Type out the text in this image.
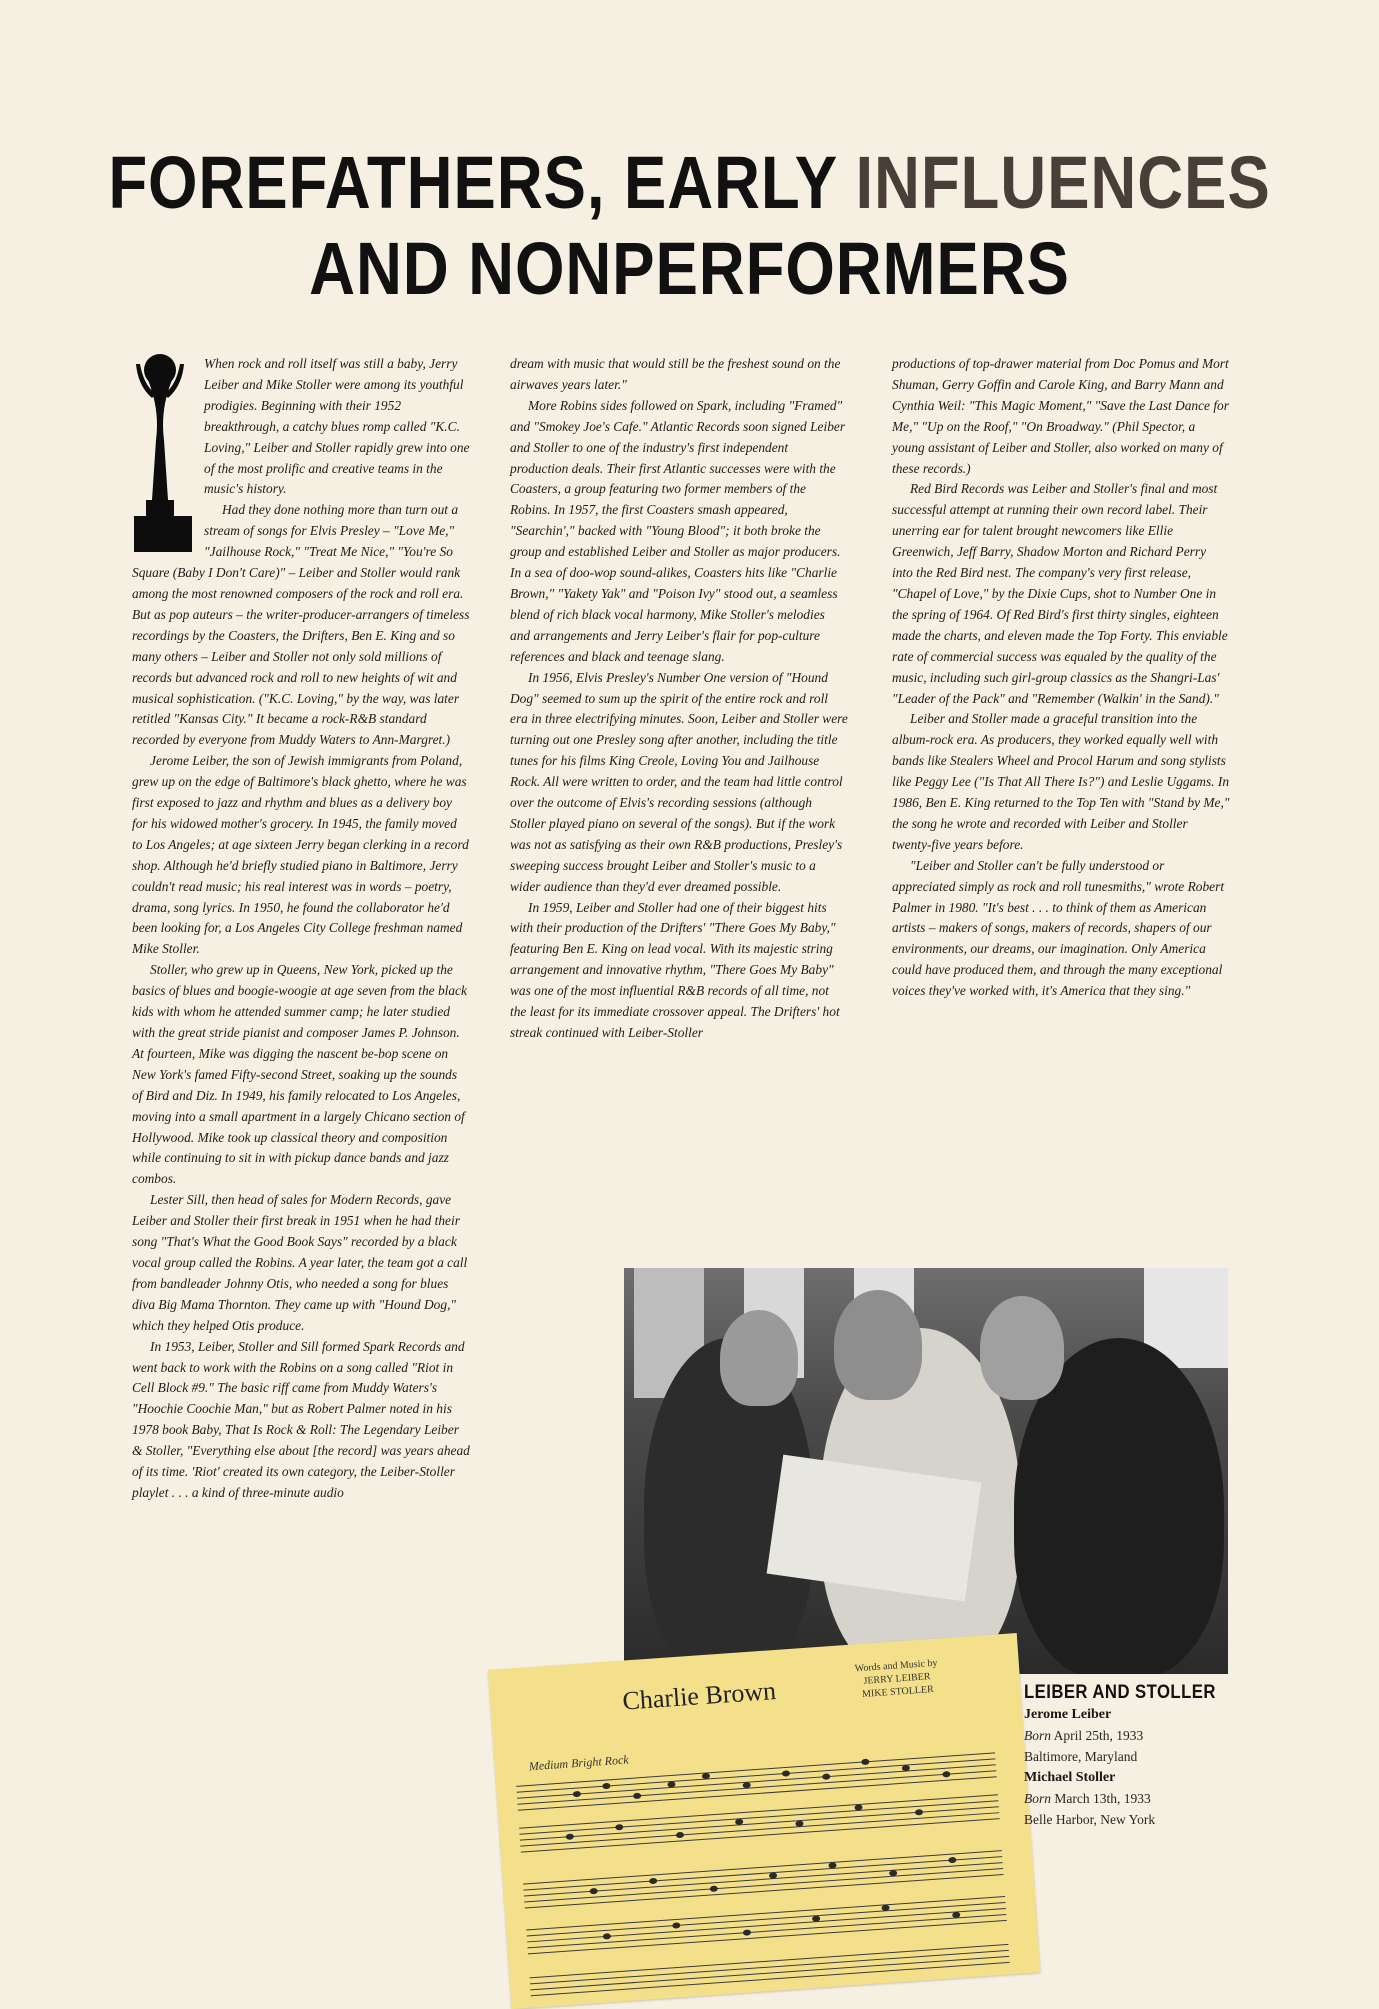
FOREFATHERS, EARLY INFLUENCES
AND NONPERFORMERS

When rock and roll itself was still a baby, Jerry Leiber and Mike Stoller were among its youthful prodigies. Beginning with their 1952 breakthrough, a catchy blues romp called "K.C. Loving," Leiber and Stoller rapidly grew into one of the most prolific and creative teams in the music's history.

Had they done nothing more than turn out a stream of songs for Elvis Presley – "Love Me," "Jailhouse Rock," "Treat Me Nice," "You're So Square (Baby I Don't Care)" – Leiber and Stoller would rank among the most renowned composers of the rock and roll era. But as pop auteurs – the writer-producer-arrangers of timeless recordings by the Coasters, the Drifters, Ben E. King and so many others – Leiber and Stoller not only sold millions of records but advanced rock and roll to new heights of wit and musical sophistication. ("K.C. Loving," by the way, was later retitled "Kansas City." It became a rock-R&B standard recorded by everyone from Muddy Waters to Ann-Margret.)

Jerome Leiber, the son of Jewish immigrants from Poland, grew up on the edge of Baltimore's black ghetto, where he was first exposed to jazz and rhythm and blues as a delivery boy for his widowed mother's grocery. In 1945, the family moved to Los Angeles; at age sixteen Jerry began clerking in a record shop. Although he'd briefly studied piano in Baltimore, Jerry couldn't read music; his real interest was in words – poetry, drama, song lyrics. In 1950, he found the collaborator he'd been looking for, a Los Angeles City College freshman named Mike Stoller.

Stoller, who grew up in Queens, New York, picked up the basics of blues and boogie-woogie at age seven from the black kids with whom he attended summer camp; he later studied with the great stride pianist and composer James P. Johnson. At fourteen, Mike was digging the nascent be-bop scene on New York's famed Fifty-second Street, soaking up the sounds of Bird and Diz. In 1949, his family relocated to Los Angeles, moving into a small apartment in a largely Chicano section of Hollywood. Mike took up classical theory and composition while continuing to sit in with pickup dance bands and jazz combos.

Lester Sill, then head of sales for Modern Records, gave Leiber and Stoller their first break in 1951 when he had their song "That's What the Good Book Says" recorded by a black vocal group called the Robins. A year later, the team got a call from bandleader Johnny Otis, who needed a song for blues diva Big Mama Thornton. They came up with "Hound Dog," which they helped Otis produce.

In 1953, Leiber, Stoller and Sill formed Spark Records and went back to work with the Robins on a song called "Riot in Cell Block #9." The basic riff came from Muddy Waters's "Hoochie Coochie Man," but as Robert Palmer noted in his 1978 book Baby, That Is Rock & Roll: The Legendary Leiber & Stoller, "Everything else about [the record] was years ahead of its time. 'Riot' created its own category, the Leiber-Stoller playlet . . . a kind of three-minute audio

dream with music that would still be the freshest sound on the airwaves years later."

More Robins sides followed on Spark, including "Framed" and "Smokey Joe's Cafe." Atlantic Records soon signed Leiber and Stoller to one of the industry's first independent production deals. Their first Atlantic successes were with the Coasters, a group featuring two former members of the Robins. In 1957, the first Coasters smash appeared, "Searchin'," backed with "Young Blood"; it both broke the group and established Leiber and Stoller as major producers. In a sea of doo-wop sound-alikes, Coasters hits like "Charlie Brown," "Yakety Yak" and "Poison Ivy" stood out, a seamless blend of rich black vocal harmony, Mike Stoller's melodies and arrangements and Jerry Leiber's flair for pop-culture references and black and teenage slang.

In 1956, Elvis Presley's Number One version of "Hound Dog" seemed to sum up the spirit of the entire rock and roll era in three electrifying minutes. Soon, Leiber and Stoller were turning out one Presley song after another, including the title tunes for his films King Creole, Loving You and Jailhouse Rock. All were written to order, and the team had little control over the outcome of Elvis's recording sessions (although Stoller played piano on several of the songs). But if the work was not as satisfying as their own R&B productions, Presley's sweeping success brought Leiber and Stoller's music to a wider audience than they'd ever dreamed possible.

In 1959, Leiber and Stoller had one of their biggest hits with their production of the Drifters' "There Goes My Baby," featuring Ben E. King on lead vocal. With its majestic string arrangement and innovative rhythm, "There Goes My Baby" was one of the most influential R&B records of all time, not the least for its immediate crossover appeal. The Drifters' hot streak continued with Leiber-Stoller

productions of top-drawer material from Doc Pomus and Mort Shuman, Gerry Goffin and Carole King, and Barry Mann and Cynthia Weil: "This Magic Moment," "Save the Last Dance for Me," "Up on the Roof," "On Broadway." (Phil Spector, a young assistant of Leiber and Stoller, also worked on many of these records.)

Red Bird Records was Leiber and Stoller's final and most successful attempt at running their own record label. Their unerring ear for talent brought newcomers like Ellie Greenwich, Jeff Barry, Shadow Morton and Richard Perry into the Red Bird nest. The company's very first release, "Chapel of Love," by the Dixie Cups, shot to Number One in the spring of 1964. Of Red Bird's first thirty singles, eighteen made the charts, and eleven made the Top Forty. This enviable rate of commercial success was equaled by the quality of the music, including such girl-group classics as the Shangri-Las' "Leader of the Pack" and "Remember (Walkin' in the Sand)."

Leiber and Stoller made a graceful transition into the album-rock era. As producers, they worked equally well with bands like Stealers Wheel and Procol Harum and song stylists like Peggy Lee ("Is That All There Is?") and Leslie Uggams. In 1986, Ben E. King returned to the Top Ten with "Stand by Me," the song he wrote and recorded with Leiber and Stoller twenty-five years before.

"Leiber and Stoller can't be fully understood or appreciated simply as rock and roll tunesmiths," wrote Robert Palmer in 1980. "It's best . . . to think of them as American artists – makers of songs, makers of records, shapers of our environments, our dreams, our imagination. Only America could have produced them, and through the many exceptional voices they've worked with, it's America that they sing."

Charlie Brown
Words and Music by
JERRY LEIBER
MIKE STOLLER
Medium Bright Rock
LEIBER AND STOLLER
Jerome Leiber
Born April 25th, 1933
Baltimore, Maryland
Michael Stoller
Born March 13th, 1933
Belle Harbor, New York
